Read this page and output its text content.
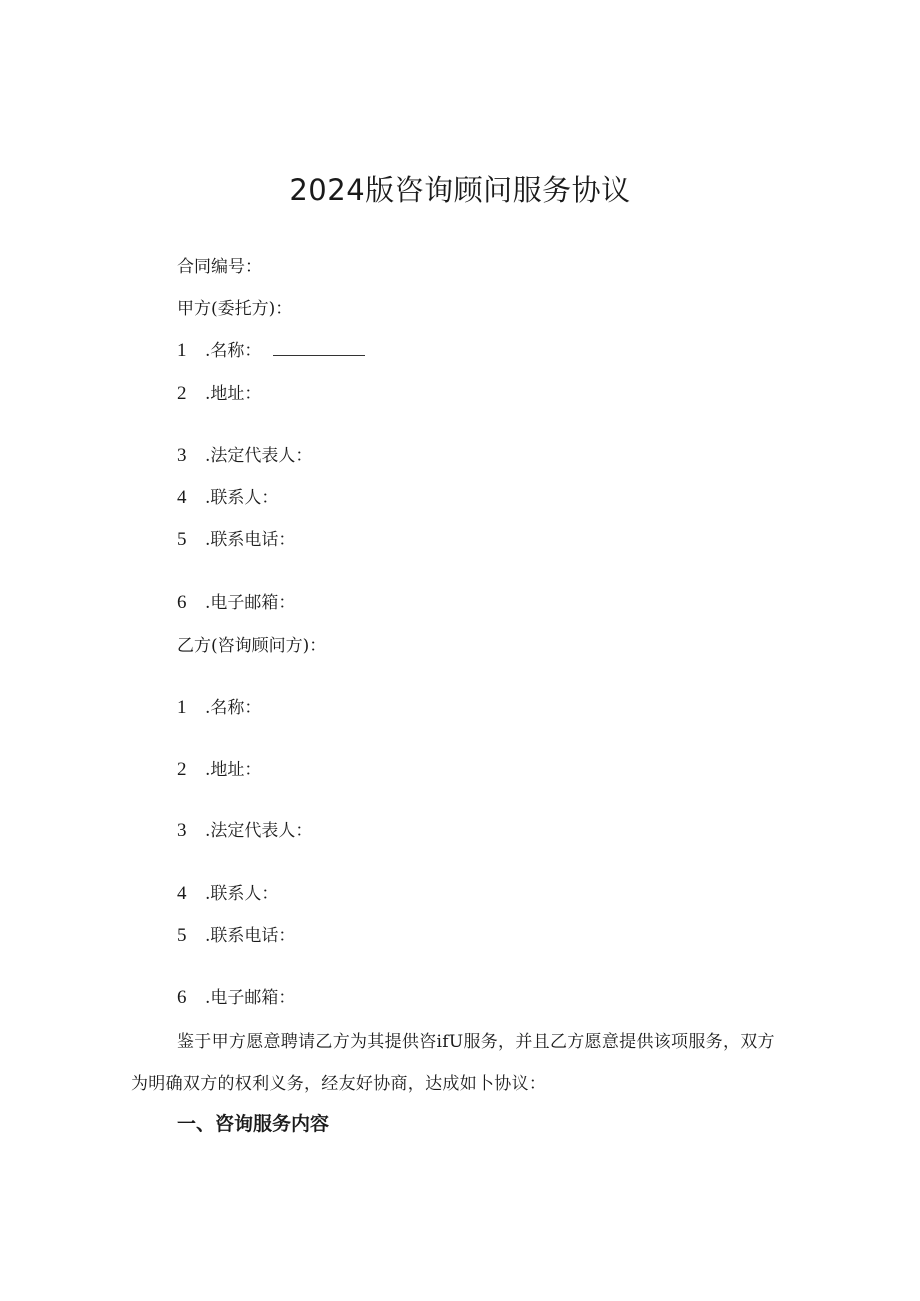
2024版咨询顾问服务协议
合同编号：
甲方(委托方)：
1 .名称：
2 .地址：
3 .法定代表人：
4 .联系人：
5 .联系电话：
6 .电子邮箱：
乙方(咨询顾问方)：
1 .名称：
2 .地址：
3 .法定代表人：
4 .联系人：
5 .联系电话：
6 .电子邮箱：

鉴于甲方愿意聘请乙方为其提供咨ifU服务，并且乙方愿意提供该项服务，双方为明确双方的权利义务，经友好协商，达成如卜协议：

一、咨询服务内容
